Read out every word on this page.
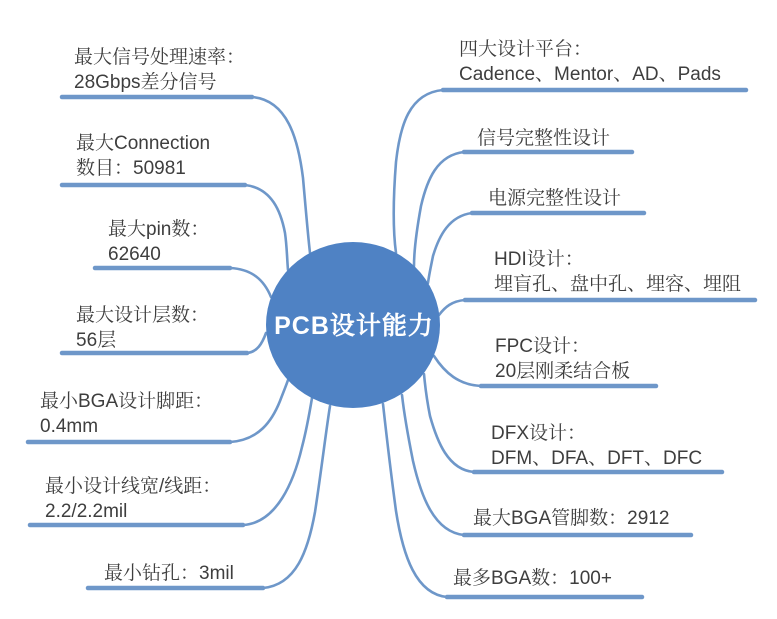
PCB设计能力
最大信号处理速率：
28Gbps差分信号
最大Connection
数目：50981
最大pin数：
62640
最大设计层数：
56层
最小BGA设计脚距：
0.4mm
最小设计线宽/线距：
2.2/2.2mil
最小钻孔：3mil
四大设计平台：
Cadence、Mentor、AD、Pads
信号完整性设计
电源完整性设计
HDI设计：
埋盲孔、盘中孔、埋容、埋阻
FPC设计：
20层刚柔结合板
DFX设计：
DFM、DFA、DFT、DFC
最大BGA管脚数：2912
最多BGA数：100+
